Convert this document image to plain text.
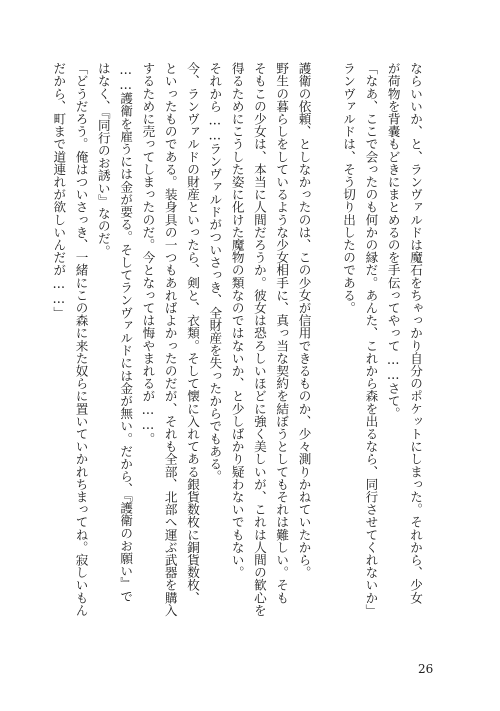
ならいいか、と、ランヴァルドは魔石をちゃっかり自分のポケットにしまった。それから、少女
が荷物を背嚢もどきにまとめるのを手伝ってやって……さて。
「なあ、ここで会ったのも何かの縁だ。あんた、これから森を出るなら、同行させてくれないか」
ランヴァルドは、そう切り出したのである。

護衛の依頼、としなかったのは、この少女が信用できるものか、少々測りかねていたから。
野生の暮らしをしているような少女相手に、真っ当な契約を結ぼうとしてもそれは難しい。そも
そもこの少女は、本当に人間だろうか。彼女は恐ろしいほどに強く美しいが、これは人間の歓心を
得るためにこうした姿に化けた魔物の類なのではないか、と少しばかり疑わないでもない。
それから……ランヴァルドがついさっき、全財産を失ったからでもある。
今、ランヴァルドの財産といったら、剣と、衣類。そして懐に入れてある銀貨数枚に銅貨数枚、
といったものである。装身具の一つもあればよかったのだが、それも全部、北部へ運ぶ武器を購入
するために売ってしまったのだ。今となっては悔やまれるが……。
……護衛を雇うには金が要る。そしてランヴァルドには金が無い。だから、『護衛のお願い』で
はなく、『同行のお誘い』なのだ。
「どうだろう。俺はついさっき、一緒にこの森に来た奴らに置いていかれちまってね。寂しいもん
だから、町まで道連れが欲しいんだが……」
26
